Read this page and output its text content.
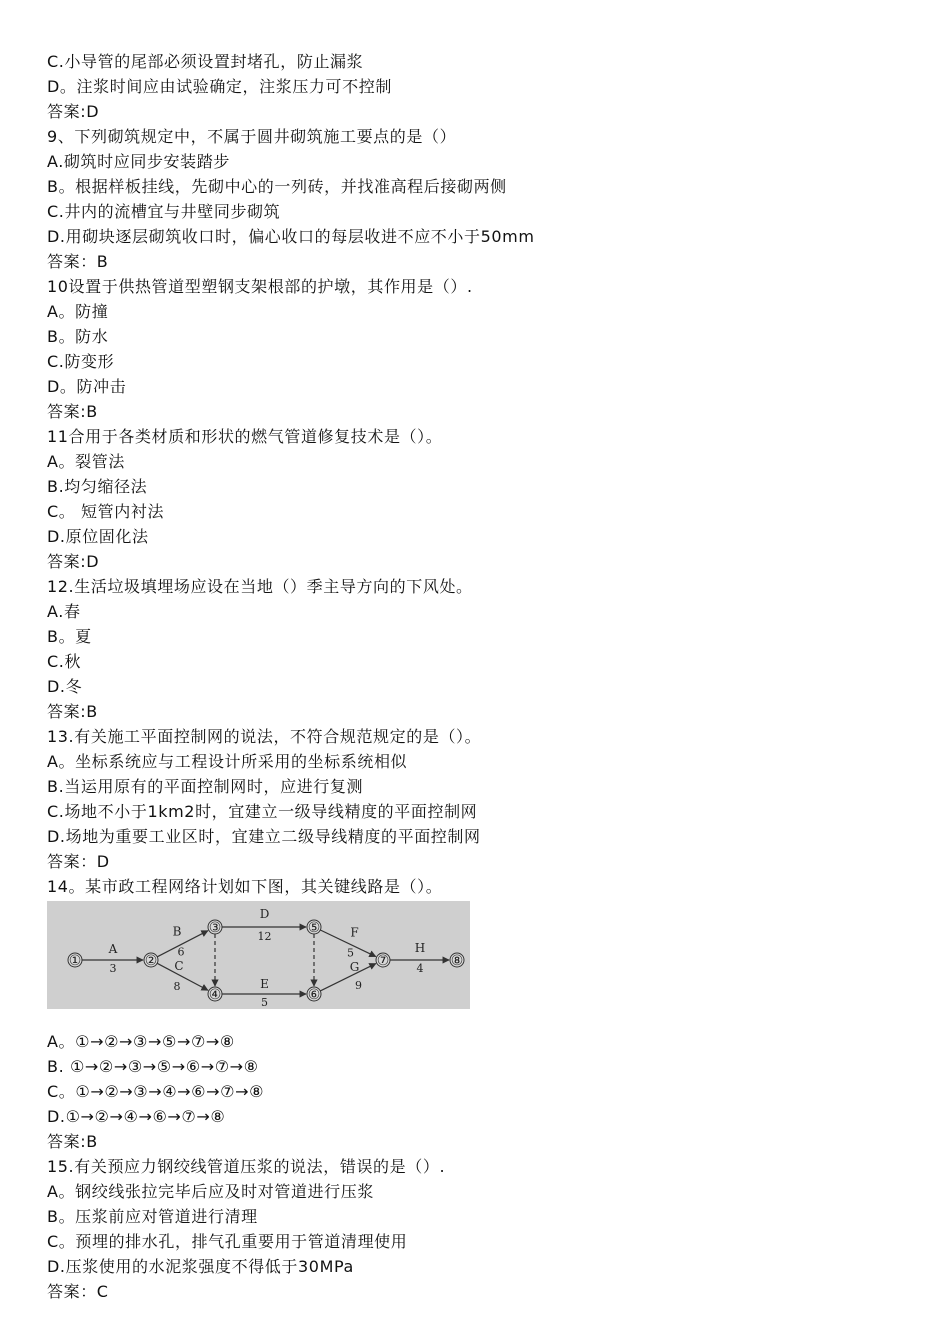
C.小导管的尾部必须设置封堵孔，防止漏浆
D。注浆时间应由试验确定，注浆压力可不控制
答案:D
9、下列砌筑规定中，不属于圆井砌筑施工要点的是（）
A.砌筑时应同步安装踏步
B。根据样板挂线，先砌中心的一列砖，并找准高程后接砌两侧
C.井内的流槽宜与井壁同步砌筑
D.用砌块逐层砌筑收口时，偏心收口的每层收进不应不小于50mm
答案：B
10设置于供热管道型塑钢支架根部的护墩，其作用是（）.
A。防撞
B。防水
C.防变形
D。防冲击
答案:B
11合用于各类材质和形状的燃气管道修复技术是（）。
A。裂管法
B.均匀缩径法
C。 短管内衬法
D.原位固化法
答案:D
12.生活垃圾填埋场应设在当地（）季主导方向的下风处。
A.春
B。夏
C.秋
D.冬
答案:B
13.有关施工平面控制网的说法，不符合规范规定的是（）。
A。坐标系统应与工程设计所采用的坐标系统相似
B.当运用原有的平面控制网时，应进行复测
C.场地不小于1km2时，宜建立一级导线精度的平面控制网
D.场地为重要工业区时，宜建立二级导线精度的平面控制网
答案：D
14。某市政工程网络计划如下图，其关键线路是（）。
①	②
③
④
⑤
⑥
⑦	⑧
A
3
B
6
C
8
D
12
E
5
F
5
G
9
H
4
A。①→②→③→⑤→⑦→⑧
B. ①→②→③→⑤→⑥→⑦→⑧
C。①→②→③→④→⑥→⑦→⑧
D.①→②→④→⑥→⑦→⑧
答案:B
15.有关预应力钢绞线管道压浆的说法，错误的是（）.
A。钢绞线张拉完毕后应及时对管道进行压浆
B。压浆前应对管道进行清理
C。预埋的排水孔，排气孔重要用于管道清理使用
D.压浆使用的水泥浆强度不得低于30MPa
答案：C
